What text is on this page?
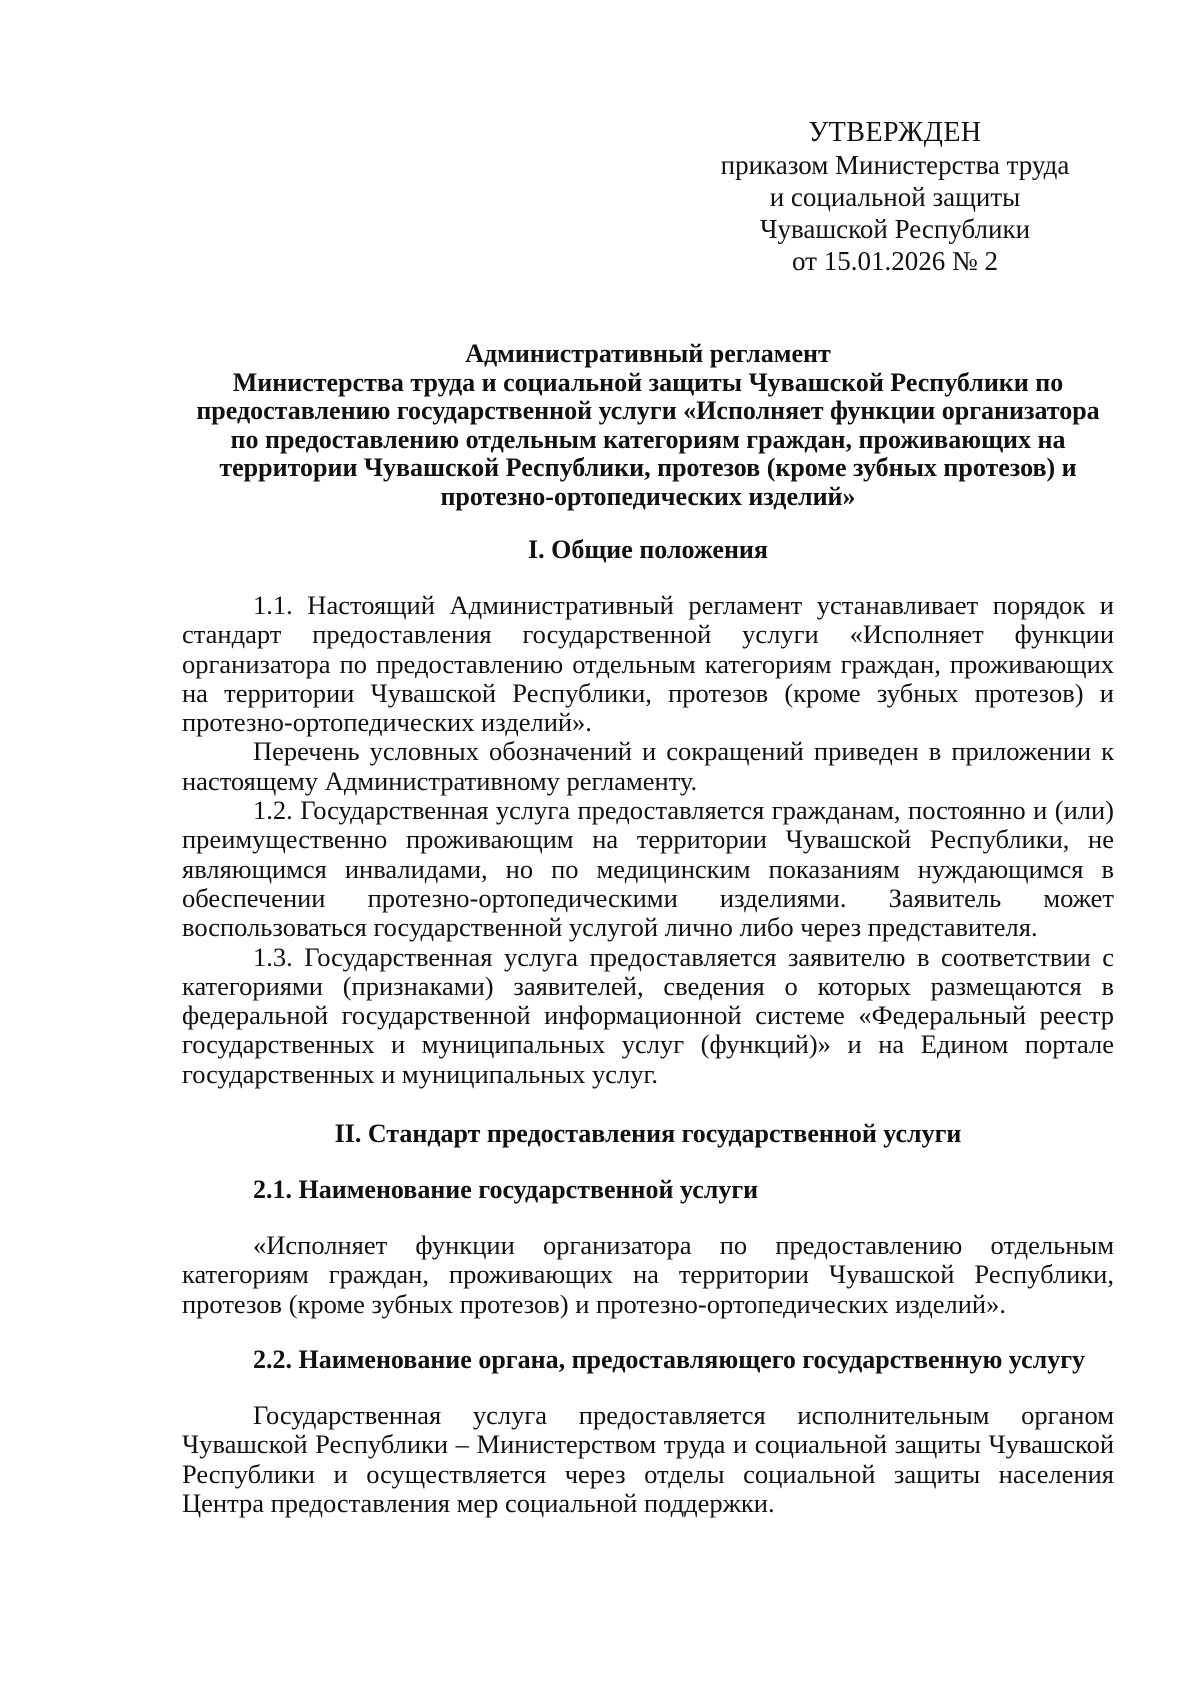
УТВЕРЖДЕН
приказом Министерства труда
и социальной защиты
Чувашской Республики
от 15.01.2026 № 2
Административный регламент
Министерства труда и социальной защиты Чувашской Республики по
предоставлению государственной услуги «Исполняет функции организатора
по предоставлению отдельным категориям граждан, проживающих на
территории Чувашской Республики, протезов (кроме зубных протезов) и
протезно-ортопедических изделий»
I. Общие положения

1.1. Настоящий Административный регламент устанавливает порядок и стандарт предоставления государственной услуги «Исполняет функции организатора по предоставлению отдельным категориям граждан, проживающих на территории Чувашской Республики, протезов (кроме зубных протезов) и протезно-ортопедических изделий».

Перечень условных обозначений и сокращений приведен в приложении к настоящему Административному регламенту.

1.2. Государственная услуга предоставляется гражданам, постоянно и (или) преимущественно проживающим на территории Чувашской Республики, не являющимся инвалидами, но по медицинским показаниям нуждающимся в обеспечении протезно-ортопедическими изделиями. Заявитель может воспользоваться государственной услугой лично либо через представителя.

1.3. Государственная услуга предоставляется заявителю в соответствии с категориями (признаками) заявителей, сведения о которых размещаются в федеральной государственной информационной системе «Федеральный реестр государственных и муниципальных услуг (функций)» и на Едином портале государственных и муниципальных услуг.

II. Стандарт предоставления государственной услуги
2.1. Наименование государственной услуги

«Исполняет функции организатора по предоставлению отдельным категориям граждан, проживающих на территории Чувашской Республики, протезов (кроме зубных протезов) и протезно-ортопедических изделий».

2.2. Наименование органа, предоставляющего государственную услугу

Государственная услуга предоставляется исполнительным органом Чувашской Республики – Министерством труда и социальной защиты Чувашской Республики и осуществляется через отделы социальной защиты населения Центра предоставления мер социальной поддержки.
